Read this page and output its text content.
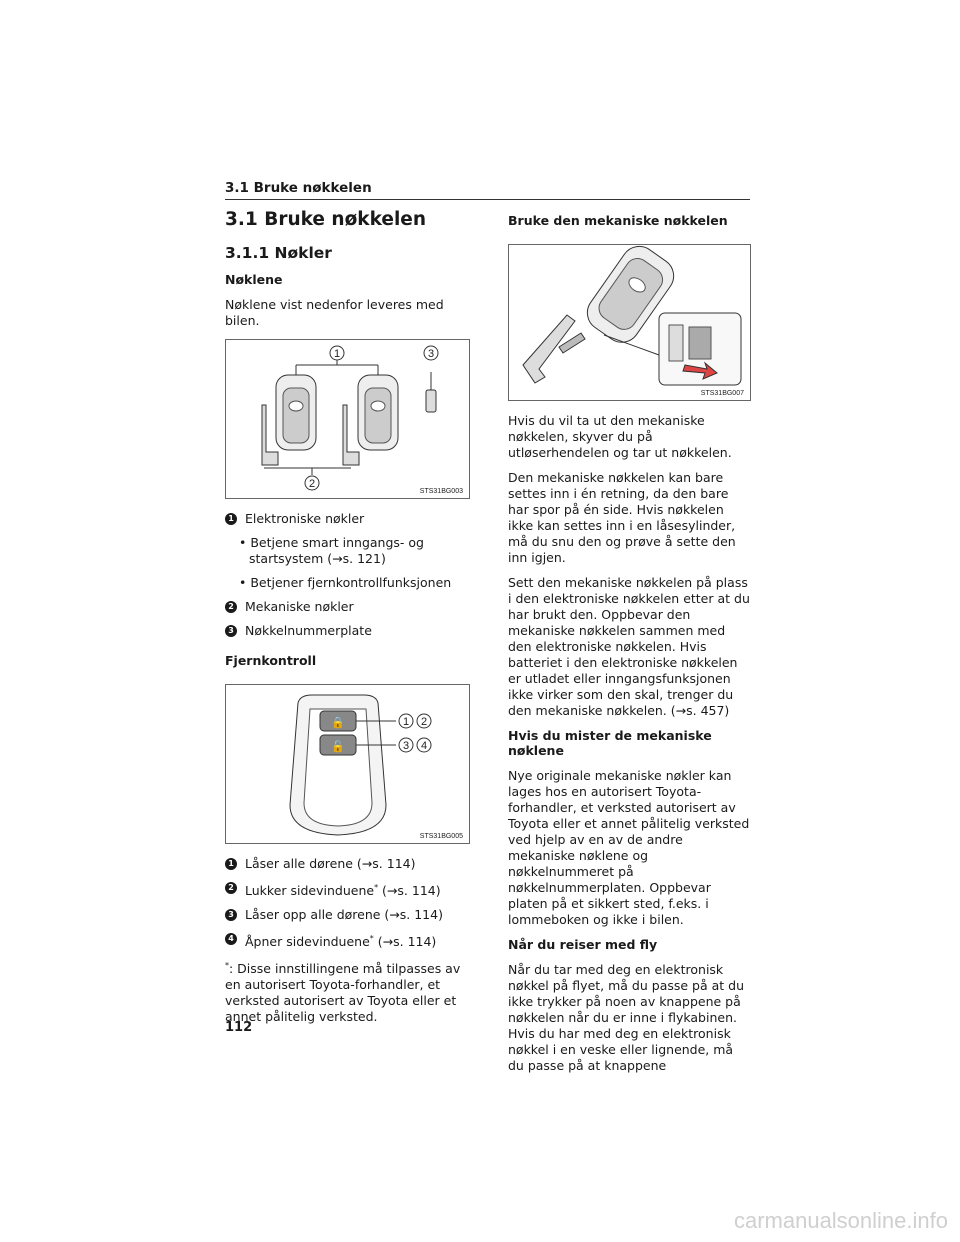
3.1 Bruke nøkkelen
3.1 Bruke nøkkelen
3.1.1 Nøkler
Nøklene

Nøklene vist nedenfor leveres med bilen.

1	3
2
STS31BG003
1 Elektroniske nøkler
• Betjene smart inngangs- og startsystem (→s. 121)
• Betjener fjernkontrollfunksjonen
2 Mekaniske nøkler
3 Nøkkelnummerplate
Fjernkontroll
🔒
🔓
1 2
3 4
STS31BG005
1 Låser alle dørene (→s. 114)
2 Lukker sidevinduene* (→s. 114)
3 Låser opp alle dørene (→s. 114)
4 Åpner sidevinduene* (→s. 114)
*: Disse innstillingene må tilpasses av en autorisert Toyota-forhandler, et verksted autorisert av Toyota eller et annet pålitelig verksted.
Bruke den mekaniske nøkkelen
STS31BG007

Hvis du vil ta ut den mekaniske nøkkelen, skyver du på utløserhendelen og tar ut nøkkelen.

Den mekaniske nøkkelen kan bare settes inn i én retning, da den bare har spor på én side. Hvis nøkkelen ikke kan settes inn i en låsesylinder, må du snu den og prøve å sette den inn igjen.

Sett den mekaniske nøkkelen på plass i den elektroniske nøkkelen etter at du har brukt den. Oppbevar den mekaniske nøkkelen sammen med den elektroniske nøkkelen. Hvis batteriet i den elektroniske nøkkelen er utladet eller inngangsfunksjonen ikke virker som den skal, trenger du den mekaniske nøkkelen. (→s. 457)

Hvis du mister de mekaniske nøklene

Nye originale mekaniske nøkler kan lages hos en autorisert Toyota-forhandler, et verksted autorisert av Toyota eller et annet pålitelig verksted ved hjelp av en av de andre mekaniske nøklene og nøkkelnummeret på nøkkelnummerplaten. Oppbevar platen på et sikkert sted, f.eks. i lommeboken og ikke i bilen.

Når du reiser med fly

Når du tar med deg en elektronisk nøkkel på flyet, må du passe på at du ikke trykker på noen av knappene på nøkkelen når du er inne i flykabinen. Hvis du har med deg en elektronisk nøkkel i en veske eller lignende, må du passe på at knappene

112
carmanualsonline.info
